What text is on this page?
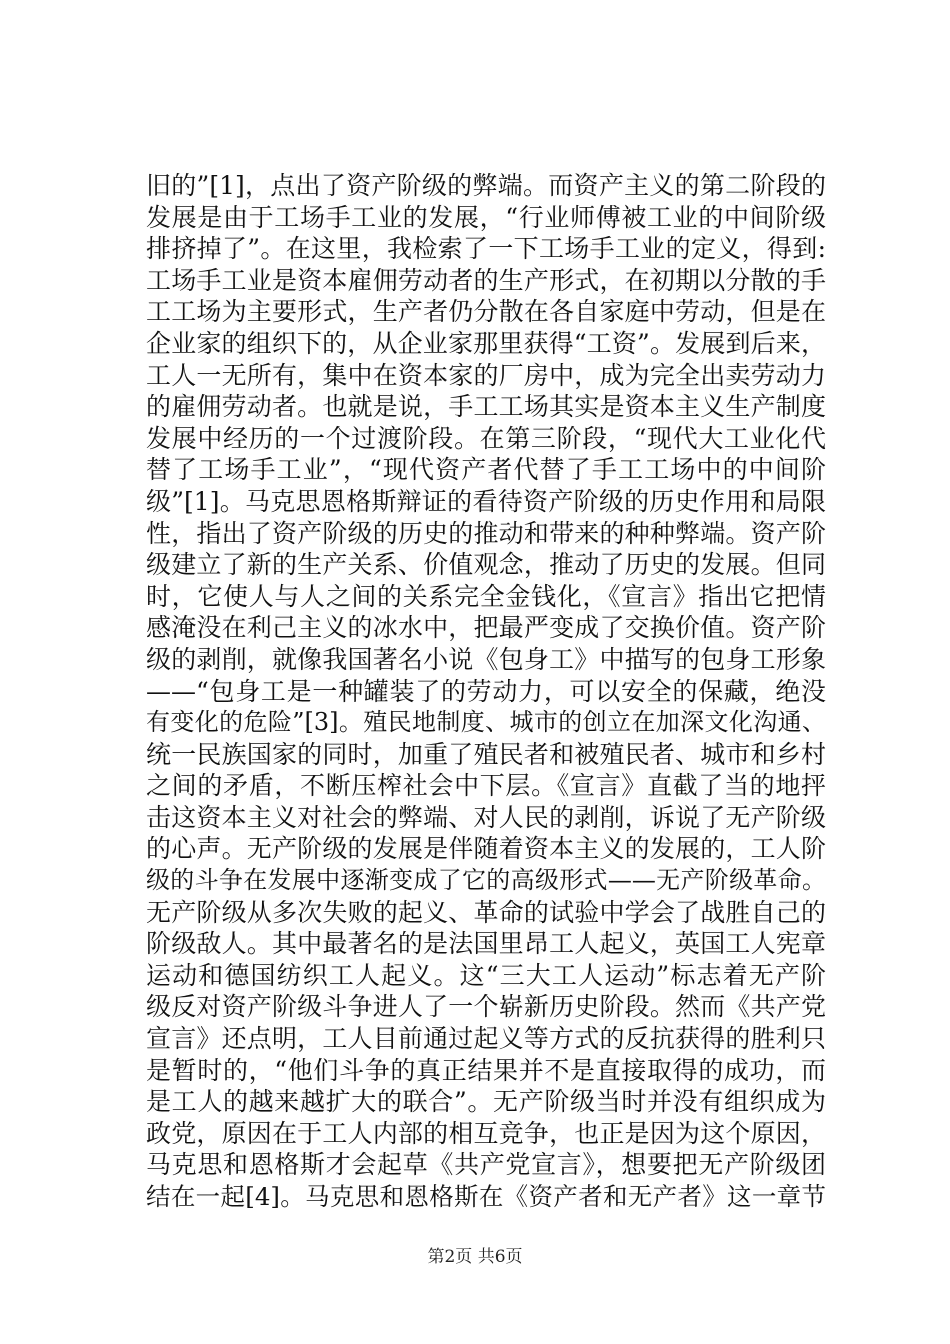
旧的”[1]，点出了资产阶级的弊端。而资产主义的第二阶段的
发展是由于工场手工业的发展，“行业师傅被工业的中间阶级
排挤掉了”。在这里，我检索了一下工场手工业的定义，得到:
工场手工业是资本雇佣劳动者的生产形式，在初期以分散的手
工工场为主要形式，生产者仍分散在各自家庭中劳动，但是在
企业家的组织下的，从企业家那里获得“工资”。发展到后来，
工人一无所有，集中在资本家的厂房中，成为完全出卖劳动力
的雇佣劳动者。也就是说，手工工场其实是资本主义生产制度
发展中经历的一个过渡阶段。在第三阶段，“现代大工业化代
替了工场手工业”，“现代资产者代替了手工工场中的中间阶
级”[1]。马克思恩格斯辩证的看待资产阶级的历史作用和局限
性，指出了资产阶级的历史的推动和带来的种种弊端。资产阶
级建立了新的生产关系、价值观念，推动了历史的发展。但同
时，它使人与人之间的关系完全金钱化，《宣言》指出它把情
感淹没在利己主义的冰水中，把最严变成了交换价值。资产阶
级的剥削，就像我国著名小说《包身工》中描写的包身工形象
——“包身工是一种罐装了的劳动力，可以安全的保藏，绝没
有变化的危险”[3]。殖民地制度、城市的创立在加深文化沟通、
统一民族国家的同时，加重了殖民者和被殖民者、城市和乡村
之间的矛盾，不断压榨社会中下层。《宣言》直截了当的地抨
击这资本主义对社会的弊端、对人民的剥削，诉说了无产阶级
的心声。无产阶级的发展是伴随着资本主义的发展的，工人阶
级的斗争在发展中逐渐变成了它的高级形式——无产阶级革命。
无产阶级从多次失败的起义、革命的试验中学会了战胜自己的
阶级敌人。其中最著名的是法国里昂工人起义，英国工人宪章
运动和德国纺织工人起义。这“三大工人运动”标志着无产阶
级反对资产阶级斗争进人了一个崭新历史阶段。然而《共产党
宣言》还点明，工人目前通过起义等方式的反抗获得的胜利只
是暂时的，“他们斗争的真正结果并不是直接取得的成功，而
是工人的越来越扩大的联合”。无产阶级当时并没有组织成为
政党，原因在于工人内部的相互竞争，也正是因为这个原因，
马克思和恩格斯才会起草《共产党宣言》，想要把无产阶级团
结在一起[4]。马克思和恩格斯在《资产者和无产者》这一章节
第2页 共6页
